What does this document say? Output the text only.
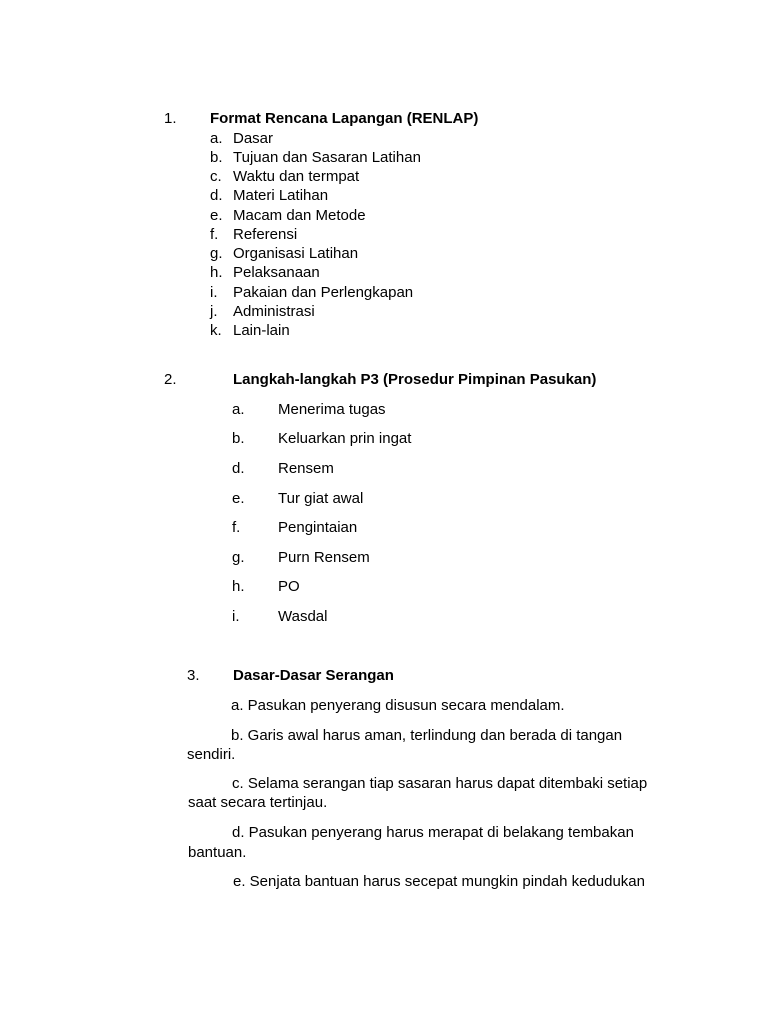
1. Format Rencana Lapangan (RENLAP)
a. Dasar
b. Tujuan dan Sasaran Latihan
c. Waktu dan termpat
d. Materi Latihan
e. Macam dan Metode
f. Referensi
g. Organisasi Latihan
h. Pelaksanaan
i. Pakaian dan Perlengkapan
j. Administrasi
k. Lain-lain
2.	Langkah-langkah P3 (Prosedur Pimpinan Pasukan)
a. Menerima tugas
b. Keluarkan prin ingat
d. Rensem
e. Tur giat awal
f.	Pengintaian
g. Purn Rensem
h. PO
i.	Wasdal
3. Dasar-Dasar Serangan
a. Pasukan penyerang disusun secara mendalam.
b. Garis awal harus aman, terlindung dan berada di tangan
sendiri.
c. Selama serangan tiap sasaran harus dapat ditembaki setiap
saat secara tertinjau.
d. Pasukan penyerang harus merapat di belakang tembakan
bantuan.
e. Senjata bantuan harus secepat mungkin pindah kedudukan
